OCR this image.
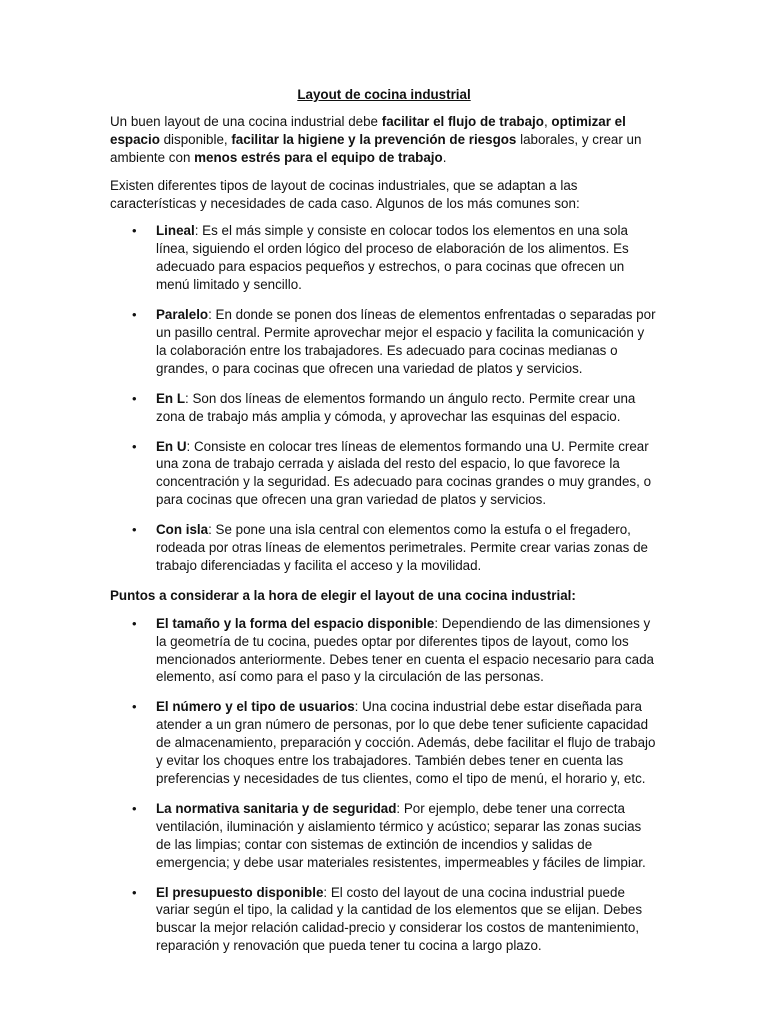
Layout de cocina industrial

Un buen layout de una cocina industrial debe facilitar el flujo de trabajo, optimizar el espacio disponible, facilitar la higiene y la prevención de riesgos laborales, y crear un ambiente con menos estrés para el equipo de trabajo.

Existen diferentes tipos de layout de cocinas industriales, que se adaptan a las características y necesidades de cada caso. Algunos de los más comunes son:

• Lineal: Es el más simple y consiste en colocar todos los elementos en una sola línea, siguiendo el orden lógico del proceso de elaboración de los alimentos. Es adecuado para espacios pequeños y estrechos, o para cocinas que ofrecen un menú limitado y sencillo.
• Paralelo: En donde se ponen dos líneas de elementos enfrentadas o separadas por un pasillo central. Permite aprovechar mejor el espacio y facilita la comunicación y la colaboración entre los trabajadores. Es adecuado para cocinas medianas o grandes, o para cocinas que ofrecen una variedad de platos y servicios.
• En L: Son dos líneas de elementos formando un ángulo recto. Permite crear una zona de trabajo más amplia y cómoda, y aprovechar las esquinas del espacio.
• En U: Consiste en colocar tres líneas de elementos formando una U. Permite crear una zona de trabajo cerrada y aislada del resto del espacio, lo que favorece la concentración y la seguridad. Es adecuado para cocinas grandes o muy grandes, o para cocinas que ofrecen una gran variedad de platos y servicios.
• Con isla: Se pone una isla central con elementos como la estufa o el fregadero, rodeada por otras líneas de elementos perimetrales. Permite crear varias zonas de trabajo diferenciadas y facilita el acceso y la movilidad.
Puntos a considerar a la hora de elegir el layout de una cocina industrial:
• El tamaño y la forma del espacio disponible: Dependiendo de las dimensiones y la geometría de tu cocina, puedes optar por diferentes tipos de layout, como los mencionados anteriormente. Debes tener en cuenta el espacio necesario para cada elemento, así como para el paso y la circulación de las personas.
• El número y el tipo de usuarios: Una cocina industrial debe estar diseñada para atender a un gran número de personas, por lo que debe tener suficiente capacidad de almacenamiento, preparación y cocción. Además, debe facilitar el flujo de trabajo y evitar los choques entre los trabajadores. También debes tener en cuenta las preferencias y necesidades de tus clientes, como el tipo de menú, el horario y, etc.
• La normativa sanitaria y de seguridad: Por ejemplo, debe tener una correcta ventilación, iluminación y aislamiento térmico y acústico; separar las zonas sucias de las limpias; contar con sistemas de extinción de incendios y salidas de emergencia; y debe usar materiales resistentes, impermeables y fáciles de limpiar.
• El presupuesto disponible: El costo del layout de una cocina industrial puede variar según el tipo, la calidad y la cantidad de los elementos que se elijan. Debes buscar la mejor relación calidad-precio y considerar los costos de mantenimiento, reparación y renovación que pueda tener tu cocina a largo plazo.
